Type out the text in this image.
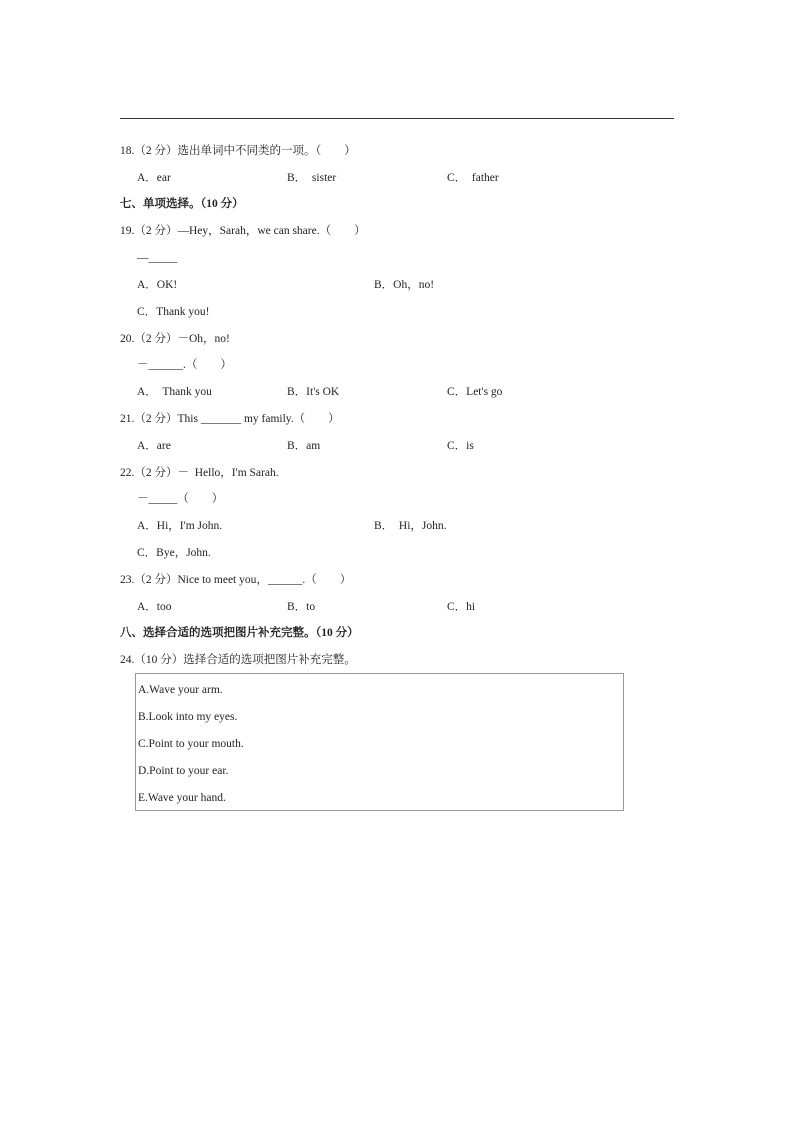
18.（2 分）选出单词中不同类的一项。（　　）
A．ear	B．  sister	C．  father
七、单项选择。（10 分）
19.（2 分）—Hey，Sarah，we can share.（　　）
—_____
A．OK!	B．Oh，no!
C．Thank you!
20.（2 分）－Oh，no!
－______.（　　）
A．  Thank you	B．It's OK	C．Let's go
21.（2 分）This _______ my family.（　　）
A．are	B．am	C．is
22.（2 分）－  Hello，I'm Sarah.
－_____（　　）
A．Hi，I'm John.	B．  Hi，John.
C．Bye，John.
23.（2 分）Nice to meet you，______.（　　）
A．too	B．to	C．hi
八、选择合适的选项把图片补充完整。（10 分）
24.（10 分）选择合适的选项把图片补充完整。
A.Wave your arm.
B.Look into my eyes.
C.Point to your mouth.
D.Point to your ear.
E.Wave your hand.
